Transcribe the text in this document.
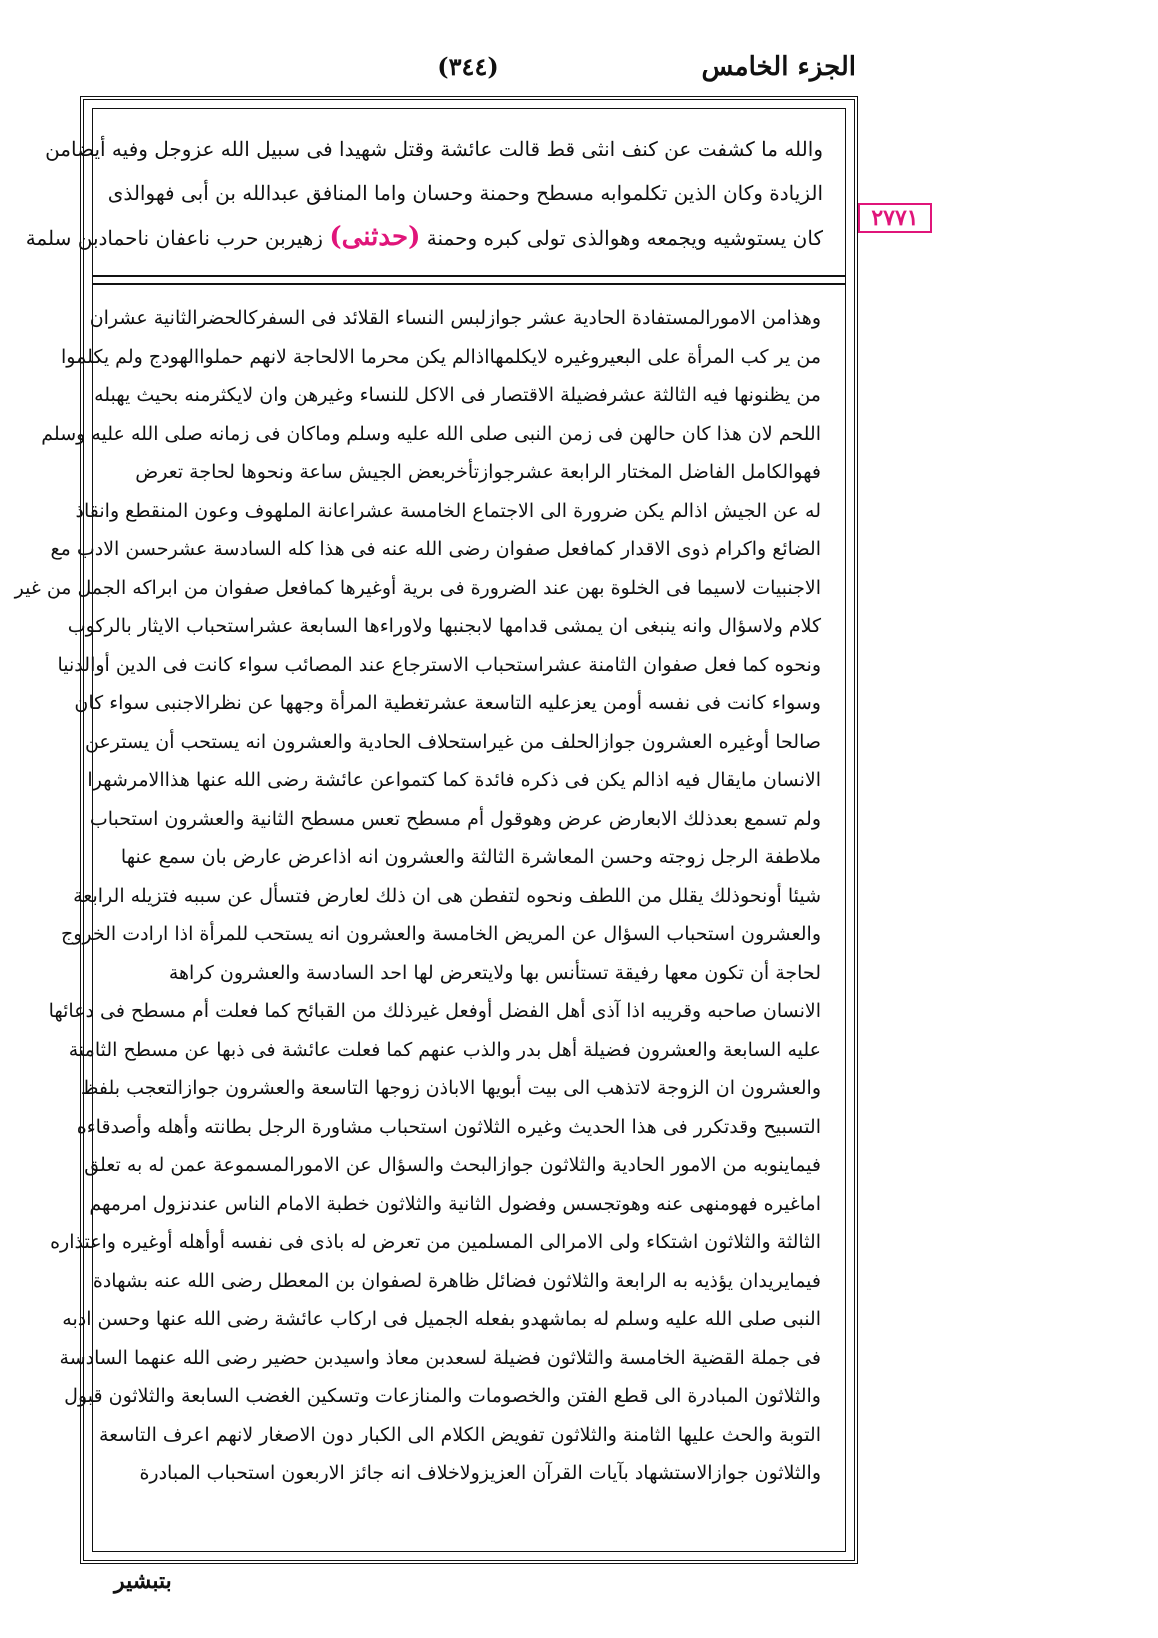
الجزء الخامس
(٣٤٤)
٢٧٧١
والله ما كشفت عن كنف انثى قط قالت عائشة وقتل شهيدا فى سبيل الله عزوجل وفيه أيضامن
الزيادة وكان الذين تكلموابه مسطح وحمنة وحسان واما المنافق عبدالله بن أبى فهوالذى
كان يستوشيه ويجمعه وهوالذى تولى كبره وحمنة (حدثنى) زهيربن حرب ناعفان ناحمادبن سلمة
وهذامن الامورالمستفادة الحادية عشر جوازلبس النساء القلائد فى السفركالحضرالثانية عشران
من ير كب المرأة على البعيروغيره لايكلمهااذالم يكن محرما الالحاجة لانهم حملواالهودج ولم يكلموا
من يظنونها فيه الثالثة عشرفضيلة الاقتصار فى الاكل للنساء وغيرهن وان لايكثرمنه بحيث يهبله
اللحم لان هذا كان حالهن فى زمن النبى صلى الله عليه وسلم وماكان فى زمانه صلى الله عليه وسلم
فهوالكامل الفاضل المختار الرابعة عشرجوازتأخربعض الجيش ساعة ونحوها لحاجة تعرض
له عن الجيش اذالم يكن ضرورة الى الاجتماع الخامسة عشراعانة الملهوف وعون المنقطع وانقاذ
الضائع واكرام ذوى الاقدار كمافعل صفوان رضى الله عنه فى هذا كله السادسة عشرحسن الادب مع
الاجنبيات لاسيما فى الخلوة بهن عند الضرورة فى برية أوغيرها كمافعل صفوان من ابراكه الجمل من غير
كلام ولاسؤال وانه ينبغى ان يمشى قدامها لابجنبها ولاوراءها السابعة عشراستحباب الايثار بالركوب
ونحوه كما فعل صفوان الثامنة عشراستحباب الاسترجاع عند المصائب سواء كانت فى الدين أوالدنيا
وسواء كانت فى نفسه أومن يعزعليه التاسعة عشرتغطية المرأة وجهها عن نظرالاجنبى سواء كان
صالحا أوغيره العشرون جوازالحلف من غيراستحلاف الحادية والعشرون انه يستحب أن يسترعن
الانسان مايقال فيه اذالم يكن فى ذكره فائدة كما كتمواعن عائشة رضى الله عنها هذاالامرشهرا
ولم تسمع بعدذلك الابعارض عرض وهوقول أم مسطح تعس مسطح الثانية والعشرون استحباب
ملاطفة الرجل زوجته وحسن المعاشرة الثالثة والعشرون انه اذاعرض عارض بان سمع عنها
شيئا أونحوذلك يقلل من اللطف ونحوه لتفطن هى ان ذلك لعارض فتسأل عن سببه فتزيله الرابعة
والعشرون استحباب السؤال عن المريض الخامسة والعشرون انه يستحب للمرأة اذا ارادت الخروج
لحاجة أن تكون معها رفيقة تستأنس بها ولايتعرض لها احد السادسة والعشرون كراهة
الانسان صاحبه وقريبه اذا آذى أهل الفضل أوفعل غيرذلك من القبائح كما فعلت أم مسطح فى دعائها
عليه السابعة والعشرون فضيلة أهل بدر والذب عنهم كما فعلت عائشة فى ذبها عن مسطح الثامنة
والعشرون ان الزوجة لاتذهب الى بيت أبويها الاباذن زوجها التاسعة والعشرون جوازالتعجب بلفظ
التسبيح وقدتكرر فى هذا الحديث وغيره الثلاثون استحباب مشاورة الرجل بطانته وأهله وأصدقاءه
فيماينوبه من الامور الحادية والثلاثون جوازالبحث والسؤال عن الامورالمسموعة عمن له به تعلق
اماغيره فهومنهى عنه وهوتجسس وفضول الثانية والثلاثون خطبة الامام الناس عندنزول امرمهم
الثالثة والثلاثون اشتكاء ولى الامرالى المسلمين من تعرض له باذى فى نفسه أوأهله أوغيره واعتذاره
فيمايريدان يؤذيه به الرابعة والثلاثون فضائل ظاهرة لصفوان بن المعطل رضى الله عنه بشهادة
النبى صلى الله عليه وسلم له بماشهدو بفعله الجميل فى اركاب عائشة رضى الله عنها وحسن ادبه
فى جملة القضية الخامسة والثلاثون فضيلة لسعدبن معاذ واسيدبن حضير رضى الله عنهما السادسة
والثلاثون المبادرة الى قطع الفتن والخصومات والمنازعات وتسكين الغضب السابعة والثلاثون قبول
التوبة والحث عليها الثامنة والثلاثون تفويض الكلام الى الكبار دون الاصغار لانهم اعرف التاسعة
والثلاثون جوازالاستشهاد بآيات القرآن العزيزولاخلاف انه جائز الاربعون استحباب المبادرة
بتبشير
